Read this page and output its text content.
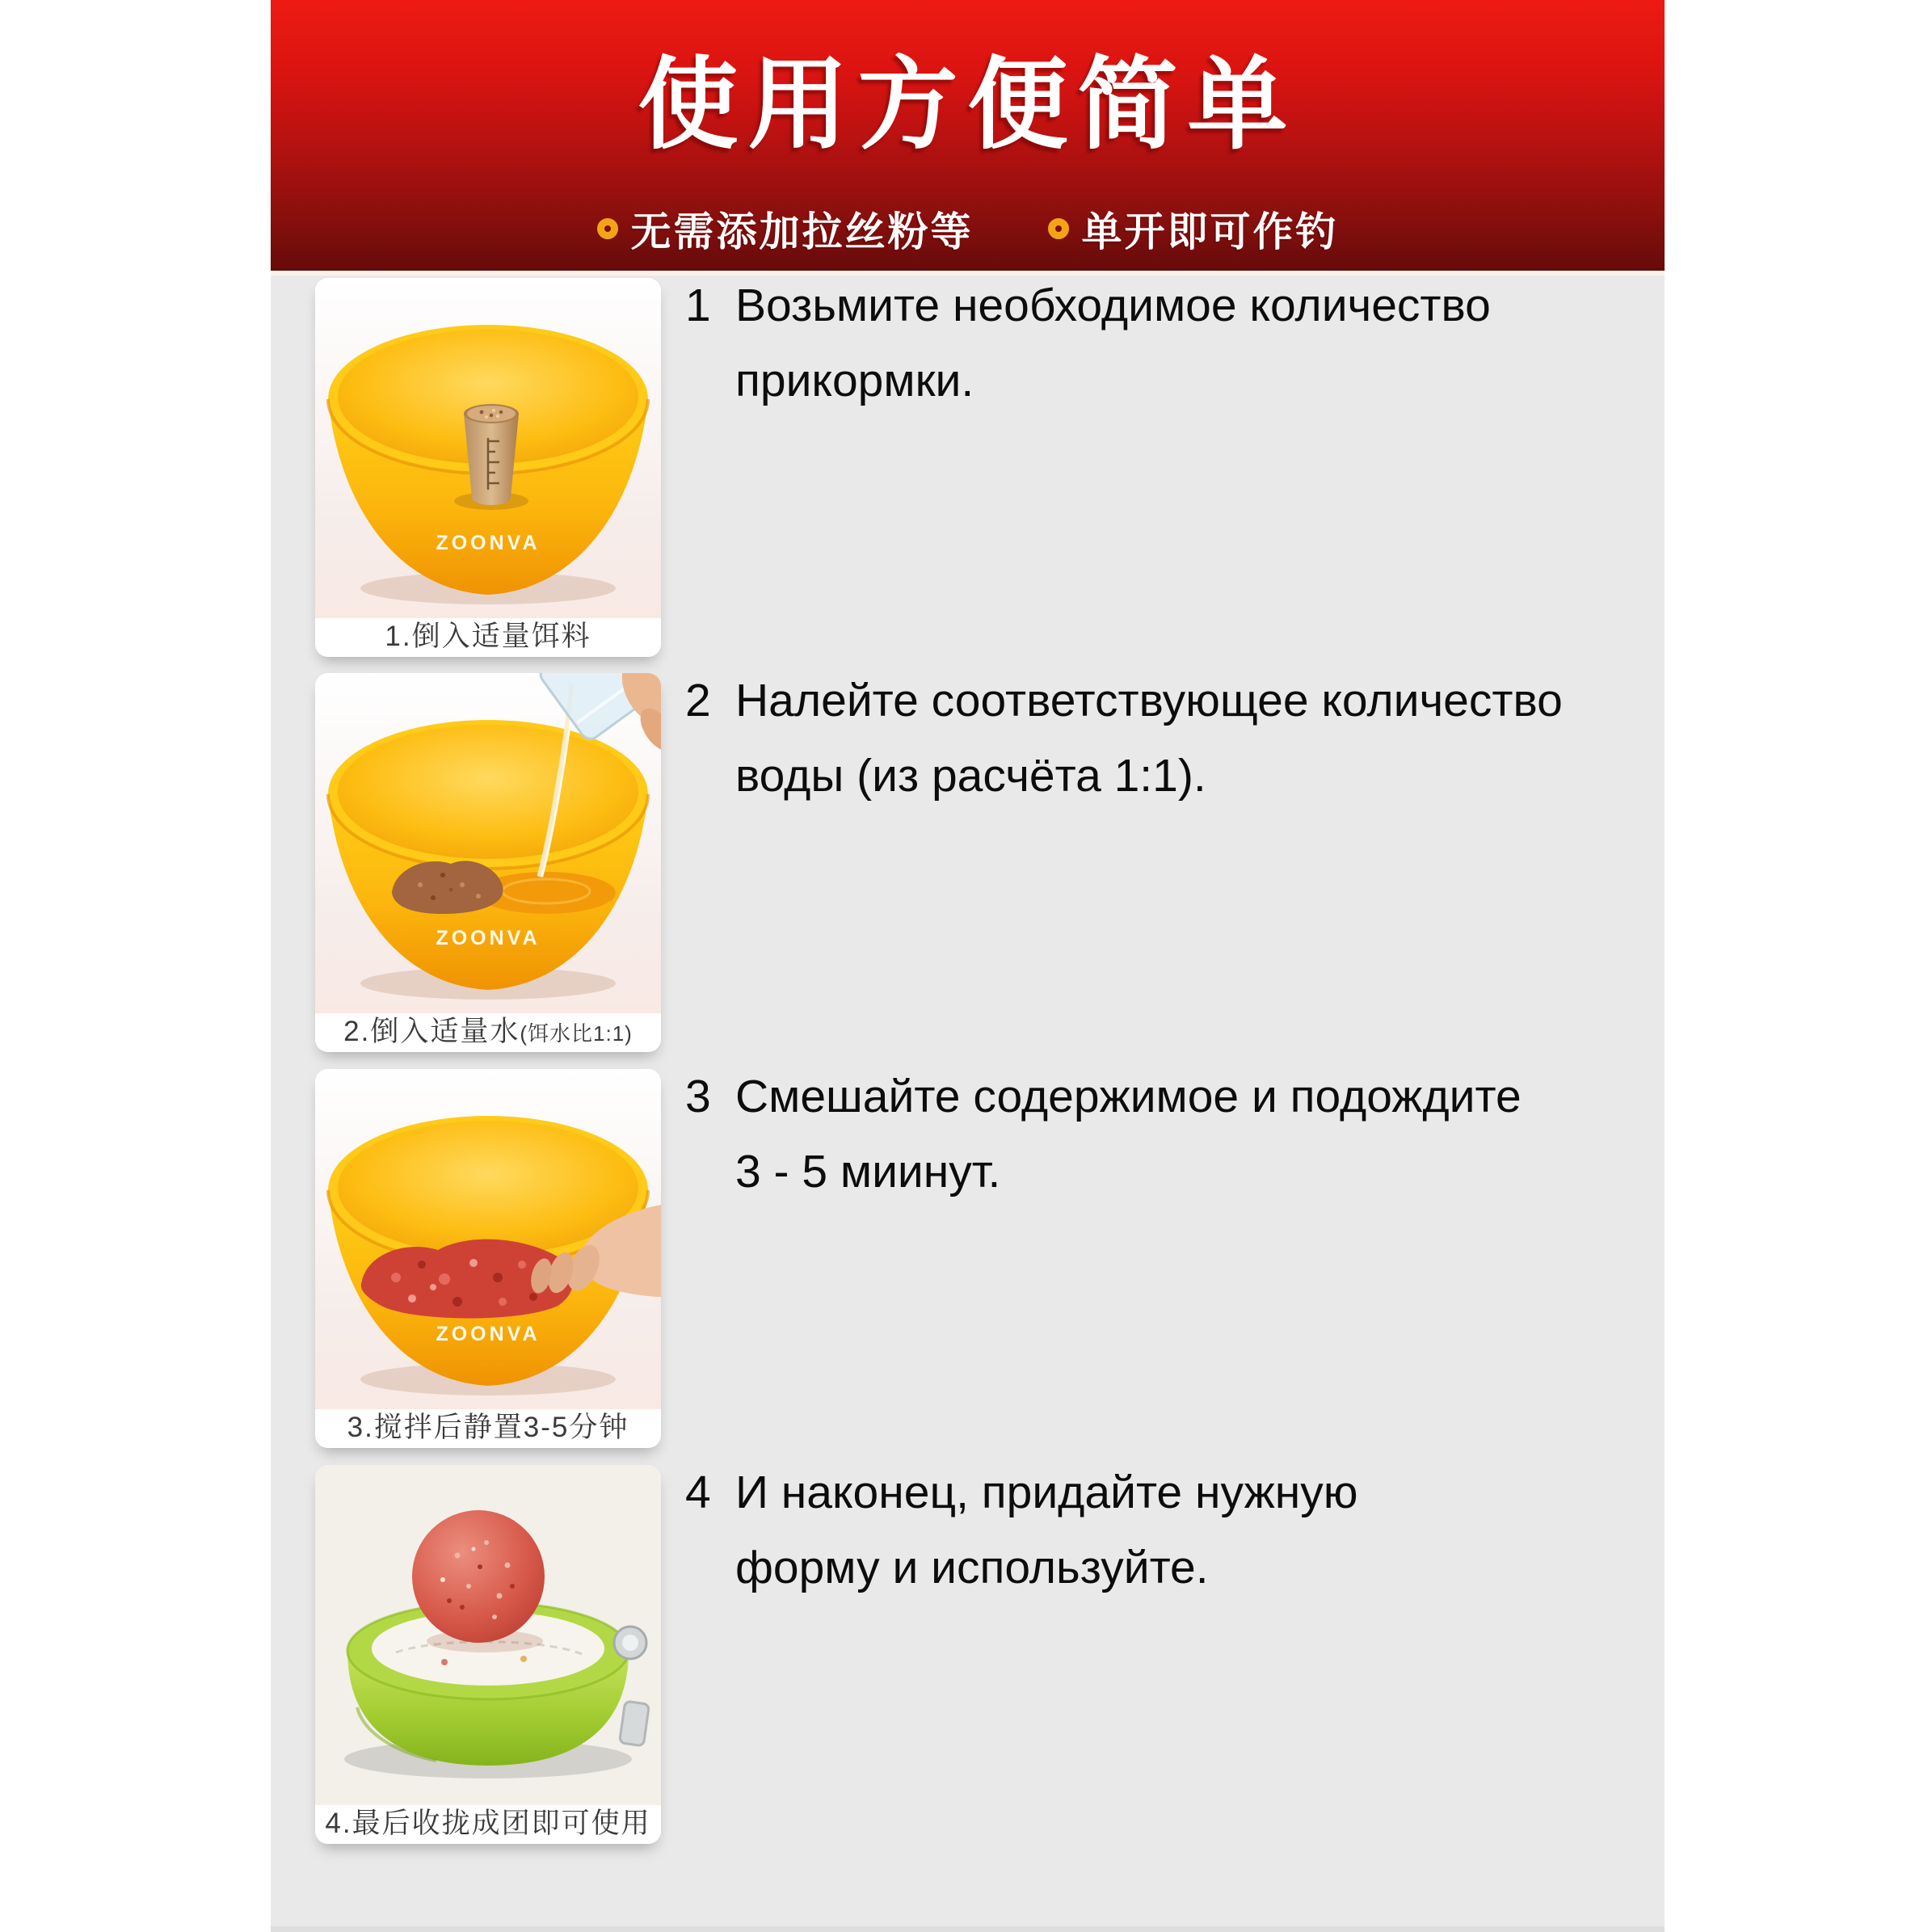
使用方便简单
无需添加拉丝粉等	单开即可作钓
ZOONVA
1.倒入适量饵料
ZOONVA
2.倒入适量水 (饵水比1:1)
ZOONVA
3.搅拌后静置3-5分钟
4.最后收拢成团即可使用
1 Возьмите необходимое количество
прикормки.
2 Налейте соответствующее количество
воды (из расчёта 1:1).
3 Смешайте содержимое и подождите
3 - 5 миинут.
4 И наконец, придайте нужную
форму и используйте.
